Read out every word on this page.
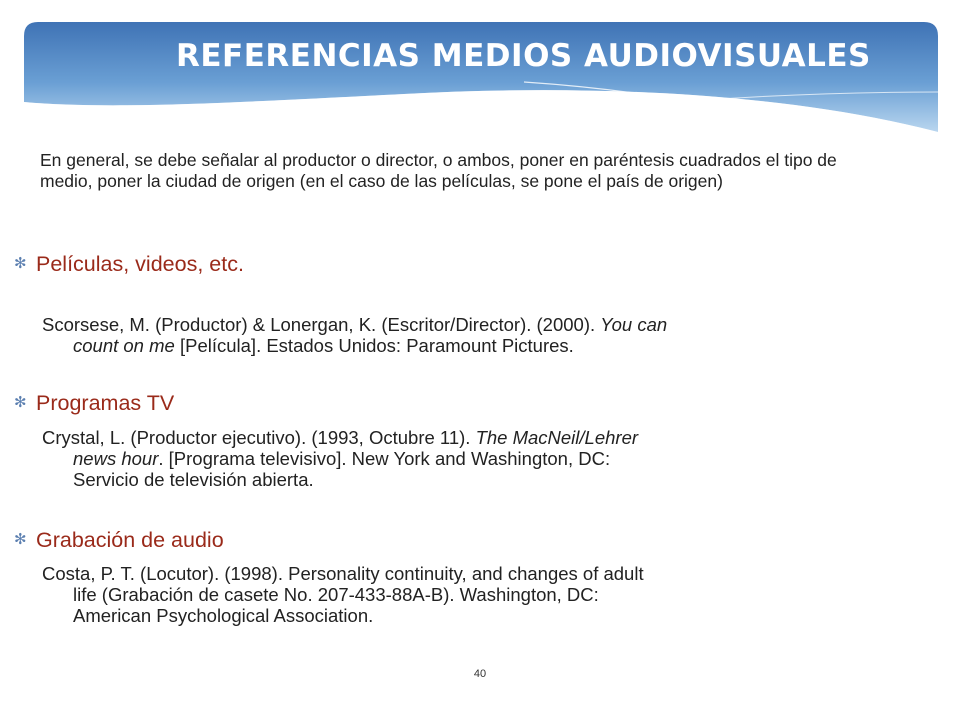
REFERENCIAS MEDIOS AUDIOVISUALES
En general, se debe señalar al productor o director, o ambos, poner en paréntesis cuadrados el tipo de medio, poner la ciudad de origen (en el caso de las películas, se pone el país de origen)
✻ Películas, videos, etc.
Scorsese, M. (Productor) & Lonergan, K. (Escritor/Director). (2000). You can
count on me [Película]. Estados Unidos: Paramount Pictures.
✻ Programas TV
Crystal, L. (Productor ejecutivo). (1993, Octubre 11). The MacNeil/Lehrer
news hour. [Programa televisivo]. New York and Washington, DC:
Servicio de televisión abierta.
✻ Grabación de audio
Costa, P. T. (Locutor). (1998). Personality continuity, and changes of adult
life (Grabación de casete No. 207-433-88A-B). Washington, DC:
American Psychological Association.
40
